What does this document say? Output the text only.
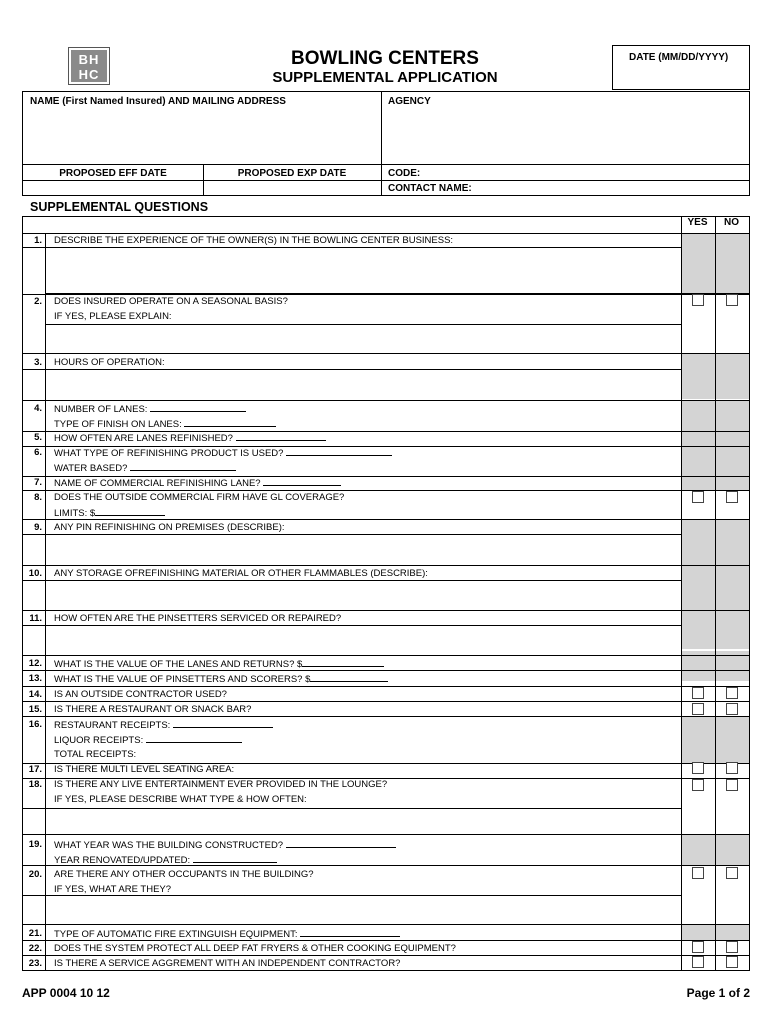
BH
HC
BOWLING CENTERS
SUPPLEMENTAL APPLICATION
DATE (MM/DD/YYYY)
NAME (First Named Insured) AND MAILING ADDRESS	AGENCY
PROPOSED EFF DATE	PROPOSED EXP DATE	CODE:
CONTACT NAME:
SUPPLEMENTAL QUESTIONS
YES	NO
1. DESCRIBE THE EXPERIENCE OF THE OWNER(S) IN THE BOWLING CENTER BUSINESS:
2. DOES INSURED OPERATE ON A SEASONAL BASIS?
IF YES, PLEASE EXPLAIN:
3. HOURS OF OPERATION:
4. NUMBER OF LANES:
TYPE OF FINISH ON LANES:
5. HOW OFTEN ARE LANES REFINISHED?
6. WHAT TYPE OF REFINISHING PRODUCT IS USED?
WATER BASED?
7. NAME OF COMMERCIAL REFINISHING LANE?
8. DOES THE OUTSIDE COMMERCIAL FIRM HAVE GL COVERAGE?
LIMITS: $
9. ANY PIN REFINISHING ON PREMISES (DESCRIBE):
10. ANY STORAGE OFREFINISHING MATERIAL OR OTHER FLAMMABLES (DESCRIBE):
11. HOW OFTEN ARE THE PINSETTERS SERVICED OR REPAIRED?
12. WHAT IS THE VALUE OF THE LANES AND RETURNS? $
13. WHAT IS THE VALUE OF PINSETTERS AND SCORERS? $
14. IS AN OUTSIDE CONTRACTOR USED?
15. IS THERE A RESTAURANT OR SNACK BAR?
16. RESTAURANT RECEIPTS:
LIQUOR RECEIPTS:
TOTAL RECEIPTS:
17. IS THERE MULTI LEVEL SEATING AREA:
18. IS THERE ANY LIVE ENTERTAINMENT EVER PROVIDED IN THE LOUNGE?
IF YES, PLEASE DESCRIBE WHAT TYPE & HOW OFTEN:
19. WHAT YEAR WAS THE BUILDING CONSTRUCTED?
YEAR RENOVATED/UPDATED:
20. ARE THERE ANY OTHER OCCUPANTS IN THE BUILDING?
IF YES, WHAT ARE THEY?
21. TYPE OF AUTOMATIC FIRE EXTINGUISH EQUIPMENT:
22. DOES THE SYSTEM PROTECT ALL DEEP FAT FRYERS & OTHER COOKING EQUIPMENT?
23. IS THERE A SERVICE AGGREMENT WITH AN INDEPENDENT CONTRACTOR?
APP 0004 10 12	Page 1 of 2
